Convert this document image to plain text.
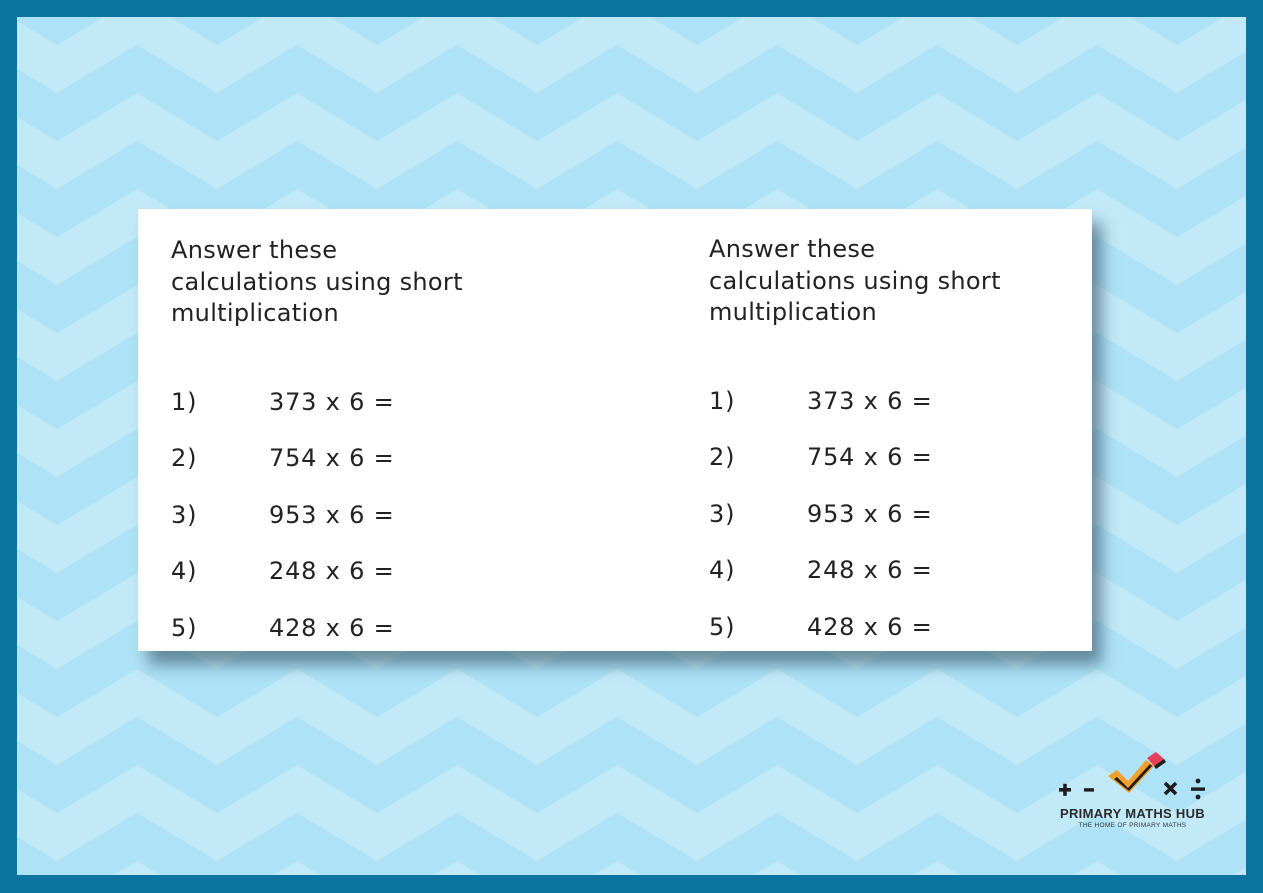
Answer these
calculations using short
multiplication

1)	373 x 6 =
2)	754 x 6 =
3)	953 x 6 =
4)	248 x 6 =
5)	428 x 6 =

Answer these
calculations using short
multiplication

1)	373 x 6 =
2)	754 x 6 =
3)	953 x 6 =
4)	248 x 6 =
5)	428 x 6 =
PRIMARY MATHS HUB
THE HOME OF PRIMARY MATHS
